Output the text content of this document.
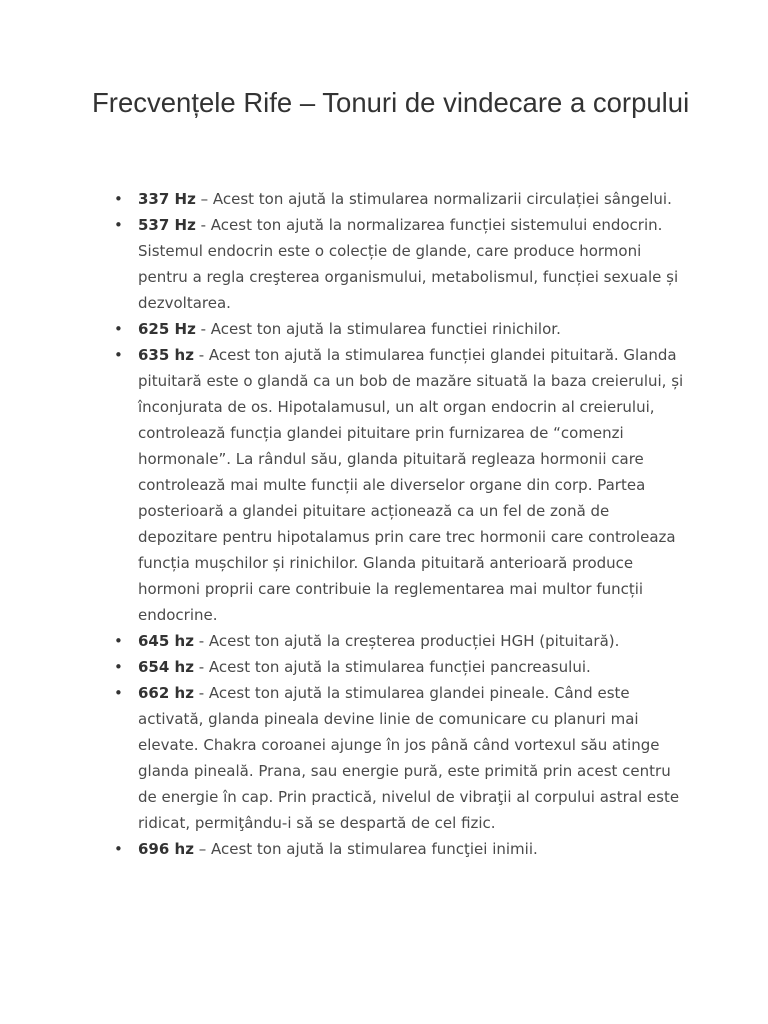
Frecvențele Rife – Tonuri de vindecare a corpului
• 337 Hz – Acest ton ajută la stimularea normalizarii circulației sângelui.
• 537 Hz - Acest ton ajută la normalizarea funcției sistemului endocrin. Sistemul endocrin este o colecție de glande, care produce hormoni pentru a regla creşterea organismului, metabolismul, funcției sexuale și dezvoltarea.
• 625 Hz - Acest ton ajută la stimularea functiei rinichilor.
• 635 hz - Acest ton ajută la stimularea funcției glandei pituitară. Glanda pituitară este o glandă ca un bob de mazăre situată la baza creierului, și înconjurata de os. Hipotalamusul, un alt organ endocrin al creierului, controlează funcția glandei pituitare prin furnizarea de “comenzi hormonale”. La rândul său, glanda pituitară regleaza hormonii care controlează mai multe funcții ale diverselor organe din corp. Partea posterioară a glandei pituitare acționează ca un fel de zonă de depozitare pentru hipotalamus prin care trec hormonii care controleaza funcția mușchilor și rinichilor. Glanda pituitară anterioară produce hormoni proprii care contribuie la reglementarea mai multor funcții endocrine.
• 645 hz - Acest ton ajută la creșterea producției HGH (pituitară).
• 654 hz - Acest ton ajută la stimularea funcției pancreasului.
• 662 hz - Acest ton ajută la stimularea glandei pineale. Când este activată, glanda pineala devine linie de comunicare cu planuri mai elevate. Chakra coroanei ajunge în jos până când vortexul său atinge glanda pineală. Prana, sau energie pură, este primită prin acest centru de energie în cap. Prin practică, nivelul de vibraţii al corpului astral este ridicat, permiţându-i să se despartă de cel fizic.
• 696 hz – Acest ton ajută la stimularea funcţiei inimii.
